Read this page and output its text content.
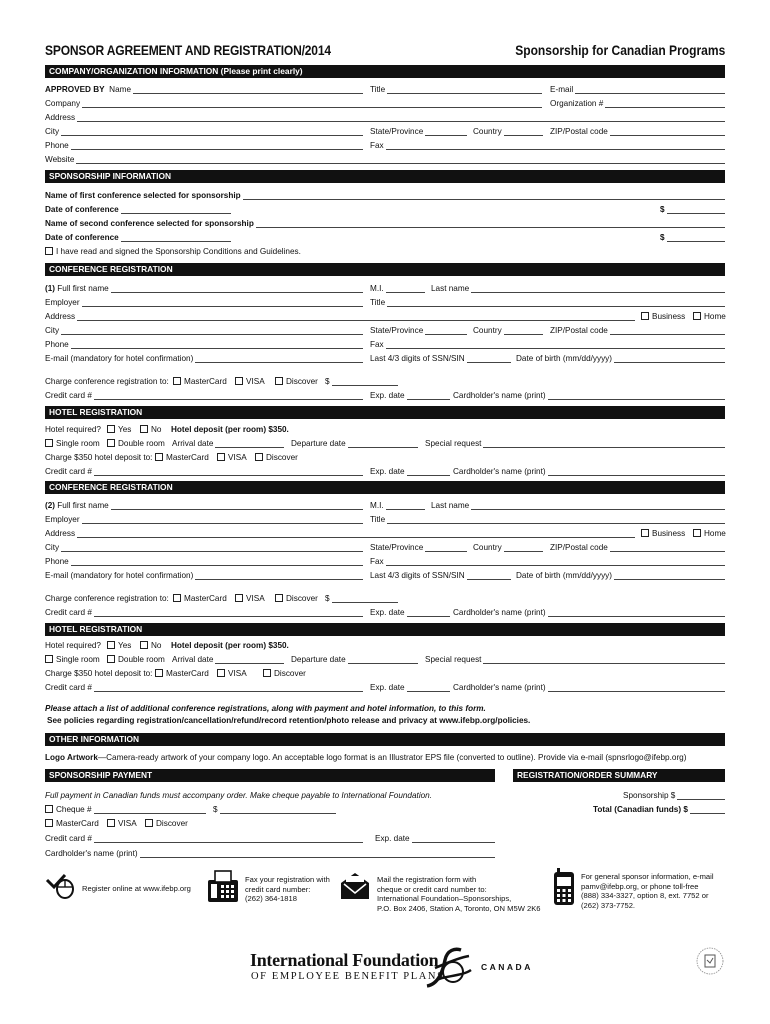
SPONSOR AGREEMENT AND REGISTRATION/2014	Sponsorship for Canadian Programs
COMPANY/ORGANIZATION INFORMATION (Please print clearly)
APPROVED BY Name	Title	E-mail
Company	Organization #
Address
City	State/Province	Country	ZIP/Postal code
Phone	Fax
Website
SPONSORSHIP INFORMATION
Name of first conference selected for sponsorship
Date of conference	$
Name of second conference selected for sponsorship
Date of conference	$
I have read and signed the Sponsorship Conditions and Guidelines.
CONFERENCE REGISTRATION
(1) Full first name	M.I.	Last name
Employer	Title
Address	Business	Home
City	State/Province	Country	ZIP/Postal code
Phone	Fax
E-mail (mandatory for hotel confirmation)	Last 4/3 digits of SSN/SIN	Date of birth (mm/dd/yyyy)
Charge conference registration to:	MasterCard	VISA	Discover $
Credit card #	Exp. date	Cardholder's name (print)
HOTEL REGISTRATION
Hotel required?	Yes	No Hotel deposit (per room) $350.
Single room	Double room Arrival date	Departure date	Special request
Charge $350 hotel deposit to:	MasterCard	VISA	Discover
Credit card #	Exp. date	Cardholder's name (print)
CONFERENCE REGISTRATION
(2) Full first name	M.I.	Last name
Employer	Title
Address	Business	Home
City	State/Province	Country	ZIP/Postal code
Phone	Fax
E-mail (mandatory for hotel confirmation)	Last 4/3 digits of SSN/SIN	Date of birth (mm/dd/yyyy)
Charge conference registration to:	MasterCard	VISA	Discover $
Credit card #	Exp. date	Cardholder's name (print)
HOTEL REGISTRATION
Hotel required?	Yes	No Hotel deposit (per room) $350.
Single room	Double room Arrival date	Departure date	Special request
Charge $350 hotel deposit to:	MasterCard	VISA	Discover
Credit card #	Exp. date	Cardholder's name (print)
Please attach a list of additional conference registrations, along with payment and hotel information, to this form.
See policies regarding registration/cancellation/refund/record retention/photo release and privacy at www.ifebp.org/policies.
OTHER INFORMATION
Logo Artwork—Camera-ready artwork of your company logo. An acceptable logo format is an Illustrator EPS file (converted to outline). Provide via e-mail (spnsrlogo@ifebp.org)
SPONSORSHIP PAYMENT	REGISTRATION/ORDER SUMMARY
Full payment in Canadian funds must accompany order. Make cheque payable to International Foundation.
Cheque #	$
MasterCard	VISA	Discover
Credit card #	Exp. date
Cardholder's name (print)
Sponsorship $
Total (Canadian funds) $
Register online at www.ifebp.org
Fax your registration with
credit card number:
(262) 364-1818
Mail the registration form with
cheque or credit card number to:
International Foundation–Sponsorships,
P.O. Box 2406, Station A, Toronto, ON M5W 2K6
For general sponsor information, e-mail
pamv@ifebp.org, or phone toll-free
(888) 334-3327, option 8, ext. 7752 or
(262) 373-7752.
International Foundation
OF EMPLOYEE BENEFIT PLANS
CANADA
